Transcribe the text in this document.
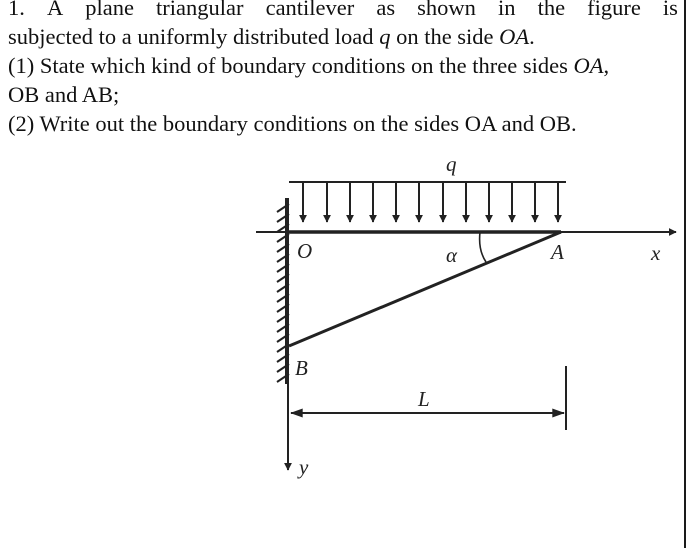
1. A plane triangular cantilever as shown in the figure is
subjected to a uniformly distributed load q on the side OA.
(1) State which kind of boundary conditions on the three sides OA,
OB and AB;
(2) Write out the boundary conditions on the sides OA and OB.
q
O	α	A	x
B
L
y
